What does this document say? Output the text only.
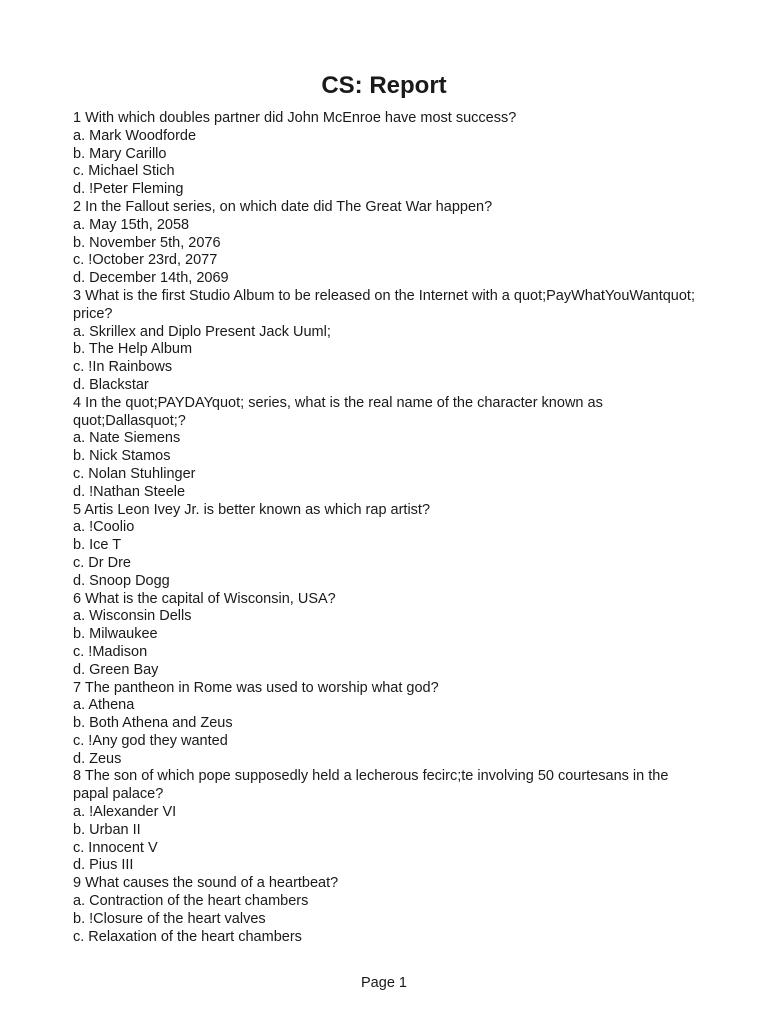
CS: Report
1 With which doubles partner did John McEnroe have most success?
a. Mark Woodforde
b. Mary Carillo
c. Michael Stich
d. !Peter Fleming
2 In the Fallout series, on which date did The Great War happen?
a. May 15th, 2058
b. November 5th, 2076
c. !October 23rd, 2077
d. December 14th, 2069
3 What is the first Studio Album to be released on the Internet with a quot;PayWhatYouWantquot; price?
a. Skrillex and Diplo Present Jack Uuml;
b. The Help Album
c. !In Rainbows
d. Blackstar
4 In the quot;PAYDAYquot; series, what is the real name of the character known as quot;Dallasquot;?
a. Nate Siemens
b. Nick Stamos
c. Nolan Stuhlinger
d. !Nathan Steele
5 Artis Leon Ivey Jr. is better known as which rap artist?
a. !Coolio
b. Ice T
c. Dr Dre
d. Snoop Dogg
6 What is the capital of Wisconsin, USA?
a. Wisconsin Dells
b. Milwaukee
c. !Madison
d. Green Bay
7 The pantheon in Rome was used to worship what god?
a. Athena
b. Both Athena and Zeus
c. !Any god they wanted
d. Zeus
8 The son of which pope supposedly held a lecherous fecirc;te involving 50 courtesans in the papal palace?
a. !Alexander VI
b. Urban II
c. Innocent V
d. Pius III
9 What causes the sound of a heartbeat?
a. Contraction of the heart chambers
b. !Closure of the heart valves
c. Relaxation of the heart chambers
Page 1
